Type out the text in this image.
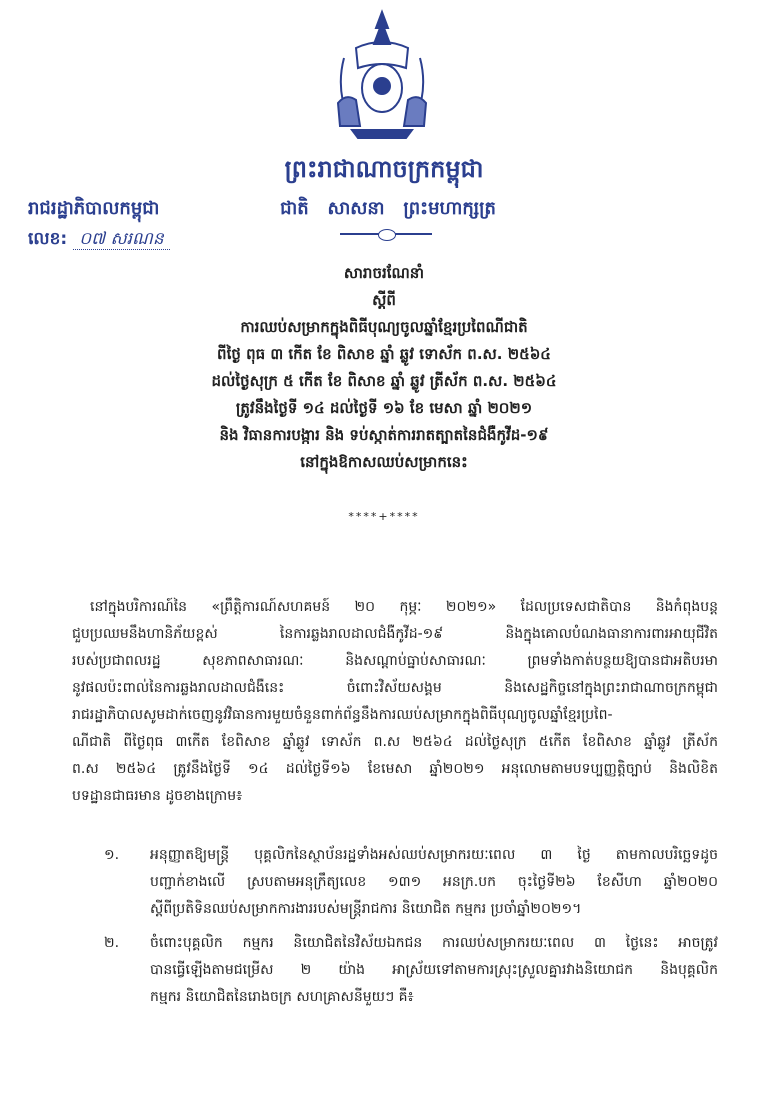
ព្រះរាជាណាចក្រកម្ពុជា
រាជរដ្ឋាភិបាលកម្ពុជា	ជាតិ   សាសនា   ព្រះមហាក្សត្រ
លេខ: ០៧ សរណន
សារាចរណែនាំ
ស្តីពី
ការឈប់សម្រាកក្នុងពិធីបុណ្យចូលឆ្នាំខ្មែរប្រពៃណីជាតិ
ពីថ្ងៃ ពុធ ៣ កើត ខែ ពិសាខ ឆ្នាំ ឆ្លូវ ទោស័ក ព.ស. ២៥៦៤
ដល់ថ្ងៃសុក្រ ៥ កើត ខែ ពិសាខ ឆ្នាំ ឆ្លូវ ត្រីស័ក ព.ស. ២៥៦៤
ត្រូវនឹងថ្ងៃទី ១៤ ដល់ថ្ងៃទី ១៦ ខែ មេសា ឆ្នាំ ២០២១
និង វិធានការបង្ការ និង ទប់ស្កាត់ការរាតត្បាតនៃជំងឺកូវីដ-១៩
នៅក្នុងឱកាសឈប់សម្រាកនេះ
****+****
នៅក្នុងបរិការណ៍នៃ «ព្រឹត្តិការណ៍សហគមន៍ ២០ កុម្ភៈ ២០២១» ដែលប្រទេសជាតិបាន និងកំពុងបន្ត
ជួបប្រឈមនឹងហានិភ័យខ្ពស់ នៃការឆ្លងរាលដាលជំងឺកូវីដ-១៩ និងក្នុងគោលបំណងធានាការពារអាយុជីវិត
របស់ប្រជាពលរដ្ឋ សុខភាពសាធារណៈ និងសណ្តាប់ធ្នាប់សាធារណៈ ព្រមទាំងកាត់បន្ថយឱ្យបានជាអតិបរមា
នូវផលប៉ះពាល់នៃការឆ្លងរាលដាលជំងឺនេះ ចំពោះវិស័យសង្គម និងសេដ្ឋកិច្ចនៅក្នុងព្រះរាជាណាចក្រកម្ពុជា
រាជរដ្ឋាភិបាលសូមដាក់ចេញនូវវិធានការមួយចំនួនពាក់ព័ន្ធនឹងការឈប់សម្រាកក្នុងពិធីបុណ្យចូលឆ្នាំខ្មែរប្រពៃ-
ណីជាតិ ពីថ្ងៃពុធ ៣កើត ខែពិសាខ ឆ្នាំឆ្លូវ ទោស័ក ព.ស ២៥៦៤ ដល់ថ្ងៃសុក្រ ៥កើត ខែពិសាខ ឆ្នាំឆ្លូវ ត្រីស័ក
ព.ស ២៥៦៤ ត្រូវនឹងថ្ងៃទី ១៤ ដល់ថ្ងៃទី១៦ ខែមេសា ឆ្នាំ២០២១ អនុលោមតាមបទប្បញ្ញត្តិច្បាប់ និងលិខិត
បទដ្ឋានជាធរមាន ដូចខាងក្រោម៖
១. អនុញ្ញាតឱ្យមន្ត្រី បុគ្គលិកនៃស្ថាប័នរដ្ឋទាំងអស់ឈប់សម្រាករយៈពេល ៣ ថ្ងៃ តាមកាលបរិច្ឆេទដូច
បញ្ជាក់ខាងលើ ស្របតាមអនុក្រឹត្យលេខ ១៣១ អនក្រ.បក ចុះថ្ងៃទី២៦ ខែសីហា ឆ្នាំ២០២០
ស្តីពីប្រតិទិនឈប់សម្រាកការងាររបស់មន្ត្រីរាជការ និយោជិត កម្មករ ប្រចាំឆ្នាំ២០២១។
២. ចំពោះបុគ្គលិក កម្មករ និយោជិតនៃវិស័យឯកជន ការឈប់សម្រាករយៈពេល ៣ ថ្ងៃនេះ អាចត្រូវ
បានធ្វើឡើងតាមជម្រើស ២ យ៉ាង អាស្រ័យទៅតាមការស្រុះស្រួលគ្នារវាងនិយោជក និងបុគ្គលិក
កម្មករ និយោជិតនៃរោងចក្រ សហគ្រាសនីមួយៗ គឺ៖
